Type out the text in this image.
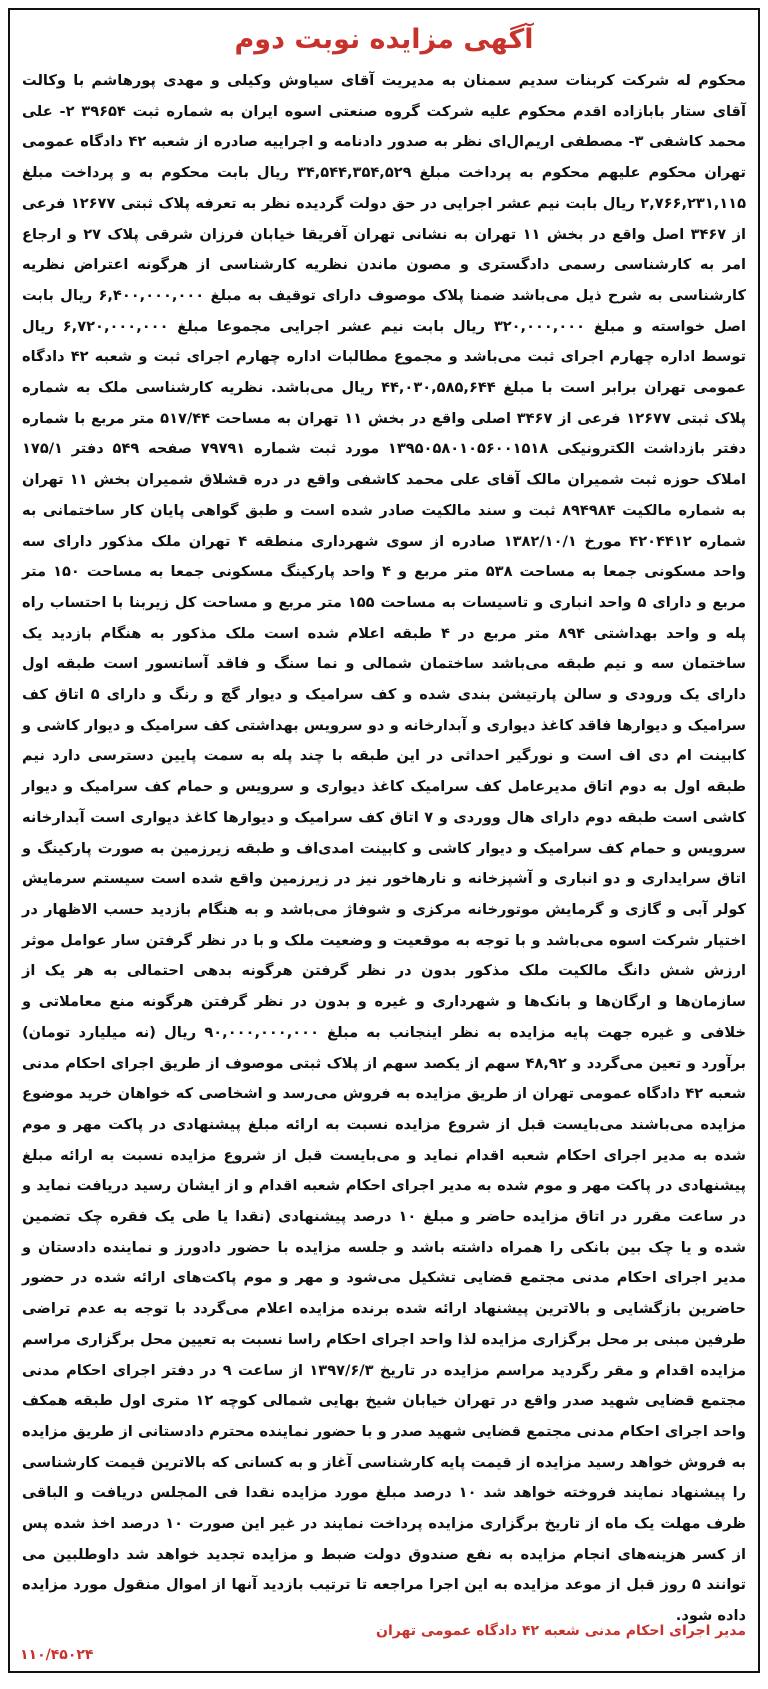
آگهی مزایده نوبت دوم

محکوم له شرکت کربنات سدیم سمنان به مدیریت آقای سیاوش وکیلی و مهدی پورهاشم با وکالت آقای ستار بابازاده اقدم محکوم علیه شرکت گروه صنعتی اسوه ایران به شماره ثبت ۳۹۶۵۴ ۲- علی محمد کاشفی ۳- مصطفی اریم‌ال‌ای نظر به صدور دادنامه و اجراییه صادره از شعبه ۴۲ دادگاه عمومی تهران محکوم علیهم محکوم به پرداخت مبلغ ۳۴,۵۴۴,۳۵۴,۵۲۹ ریال بابت محکوم به و پرداخت مبلغ ۲,۷۶۶,۲۳۱,۱۱۵ ریال بابت نیم عشر اجرایی در حق دولت گردیده نظر به تعرفه پلاک ثبتی ۱۲۶۷۷ فرعی از ۳۴۶۷ اصل واقع در بخش ۱۱ تهران به نشانی تهران آفریقا خیابان فرزان شرقی پلاک ۲۷ و ارجاع امر به کارشناسی رسمی دادگستری و مصون ماندن نظریه کارشناسی از هرگونه اعتراض نظریه کارشناسی به شرح ذیل می‌باشد ضمنا پلاک موصوف دارای توقیف به مبلغ ۶,۴۰۰,۰۰۰,۰۰۰ ریال بابت اصل خواسته و مبلغ ۳۲۰,۰۰۰,۰۰۰ ریال بابت نیم عشر اجرایی مجموعا مبلغ ۶,۷۲۰,۰۰۰,۰۰۰ ریال توسط اداره چهارم اجرای ثبت می‌باشد و مجموع مطالبات اداره چهارم اجرای ثبت و شعبه ۴۲ دادگاه عمومی تهران برابر است با مبلغ ۴۴,۰۳۰,۵۸۵,۶۴۴ ریال می‌باشد. نظریه کارشناسی ملک به شماره پلاک ثبتی ۱۲۶۷۷ فرعی از ۳۴۶۷ اصلی واقع در بخش ۱۱ تهران به مساحت ۵۱۷/۴۴ متر مربع با شماره دفتر بازداشت الکترونیکی ۱۳۹۵۰۵۸۰۱۰۵۶۰۰۱۵۱۸ مورد ثبت شماره ۷۹۷۹۱ صفحه ۵۴۹ دفتر ۱۷۵/۱ املاک حوزه ثبت شمیران مالک آقای علی محمد کاشفی واقع در دره قشلاق شمیران بخش ۱۱ تهران به شماره مالکیت ۸۹۴۹۸۴ ثبت و سند مالکیت صادر شده است و طبق گواهی پایان کار ساختمانی به شماره ۴۲۰۴۴۱۲ مورخ ۱۳۸۲/۱۰/۱ صادره از سوی شهرداری منطقه ۴ تهران ملک مذکور دارای سه واحد مسکونی جمعا به مساحت ۵۳۸ متر مربع و ۴ واحد پارکینگ مسکونی جمعا به مساحت ۱۵۰ متر مربع و دارای ۵ واحد انباری و تاسیسات به مساحت ۱۵۵ متر مربع و مساحت کل زیربنا با احتساب راه پله و واحد بهداشتی ۸۹۴ متر مربع در ۴ طبقه اعلام شده است ملک مذکور به هنگام بازدید یک ساختمان سه و نیم طبقه می‌باشد ساختمان شمالی و نما سنگ و فاقد آسانسور است طبقه اول دارای یک ورودی و سالن پارتیشن بندی شده و کف سرامیک و دیوار گچ و رنگ و دارای ۵ اتاق کف سرامیک و دیوارها فاقد کاغذ دیواری و آبدارخانه و دو سرویس بهداشتی کف سرامیک و دیوار کاشی و کابینت ام دی اف است و نورگیر احداثی در این طبقه با چند پله به سمت پایین دسترسی دارد نیم طبقه اول به دوم اتاق مدیرعامل کف سرامیک کاغذ دیواری و سرویس و حمام کف سرامیک و دیوار کاشی است طبقه دوم دارای هال ووردی و ۷ اتاق کف سرامیک و دیوارها کاغذ دیواری است آبدارخانه سرویس و حمام کف سرامیک و دیوار کاشی و کابینت امدی‌اف و طبقه زیرزمین به صورت پارکینگ و اتاق سرایداری و دو انباری و آشپزخانه و نارهاخور نیز در زیرزمین واقع شده است سیستم سرمایش کولر آبی و گازی و گرمایش موتورخانه مرکزی و شوفاژ می‌باشد و به هنگام بازدید حسب الاظهار در اختیار شرکت اسوه می‌باشد و با توجه به موقعیت و وضعیت ملک و با در نظر گرفتن سار عوامل موثر ارزش شش دانگ مالکیت ملک مذکور بدون در نظر گرفتن هرگونه بدهی احتمالی به هر یک از سازمان‌ها و ارگان‌ها و بانک‌ها و شهرداری و غیره و بدون در نظر گرفتن هرگونه منع معاملاتی و خلافی و غیره جهت پایه مزایده به نظر اینجانب به مبلغ ۹۰,۰۰۰,۰۰۰,۰۰۰ ریال (نه میلیارد تومان) برآورد و تعین می‌گردد و ۴۸,۹۲ سهم از یکصد سهم از پلاک ثبتی موصوف از طریق اجرای احکام مدنی شعبه ۴۲ دادگاه عمومی تهران از طریق مزایده به فروش می‌رسد و اشخاصی که خواهان خرید موضوع مزایده می‌باشند می‌بایست قبل از شروع مزایده نسبت به ارائه مبلغ پیشنهادی در پاکت مهر و موم شده به مدیر اجرای احکام شعبه اقدام نماید و می‌بایست قبل از شروع مزایده نسبت به ارائه مبلغ پیشنهادی در پاکت مهر و موم شده به مدیر اجرای احکام شعبه اقدام و از ایشان رسید دریافت نماید و در ساعت مقرر در اتاق مزایده حاضر و مبلغ ۱۰ درصد پیشنهادی (نقدا یا طی یک فقره چک تضمین شده و یا چک بین بانکی را همراه داشته باشد و جلسه مزایده با حضور دادورز و نماینده دادستان و مدیر اجرای احکام مدنی مجتمع قضایی تشکیل می‌شود و مهر و موم پاکت‌های ارائه شده در حضور حاضرین بازگشایی و بالاترین پیشنهاد ارائه شده برنده مزایده اعلام می‌گردد با توجه به عدم تراضی طرفین مبنی بر محل برگزاری مزایده لذا واحد اجرای احکام راسا نسبت به تعیین محل برگزاری مراسم مزایده اقدام و مقر رگردید مراسم مزایده در تاریخ ۱۳۹۷/۶/۳ از ساعت ۹ در دفتر اجرای احکام مدنی مجتمع قضایی شهید صدر واقع در تهران خیابان شیخ بهایی شمالی کوچه ۱۲ متری اول طبقه همکف واحد اجرای احکام مدنی مجتمع قضایی شهید صدر و با حضور نماینده محترم دادستانی از طریق مزایده به فروش خواهد رسید مزایده از قیمت پایه کارشناسی آغاز و به کسانی که بالاترین قیمت کارشناسی را پیشنهاد نمایند فروخته خواهد شد ۱۰ درصد مبلغ مورد مزایده نقدا فی المجلس دریافت و الباقی ظرف مهلت یک ماه از تاریخ برگزاری مزایده پرداخت نمایند در غیر این صورت ۱۰ درصد اخذ شده پس از کسر هزینه‌های انجام مزایده به نفع صندوق دولت ضبط و مزایده تجدید خواهد شد داوطلبین می توانند ۵ روز قبل از موعد مزایده به این اجرا مراجعه تا ترتیب بازدید آنها از اموال منقول مورد مزایده داده شود.

مدیر اجرای احکام مدنی شعبه ۴۲ دادگاه عمومی تهران
۱۱۰/۴۵۰۲۴
